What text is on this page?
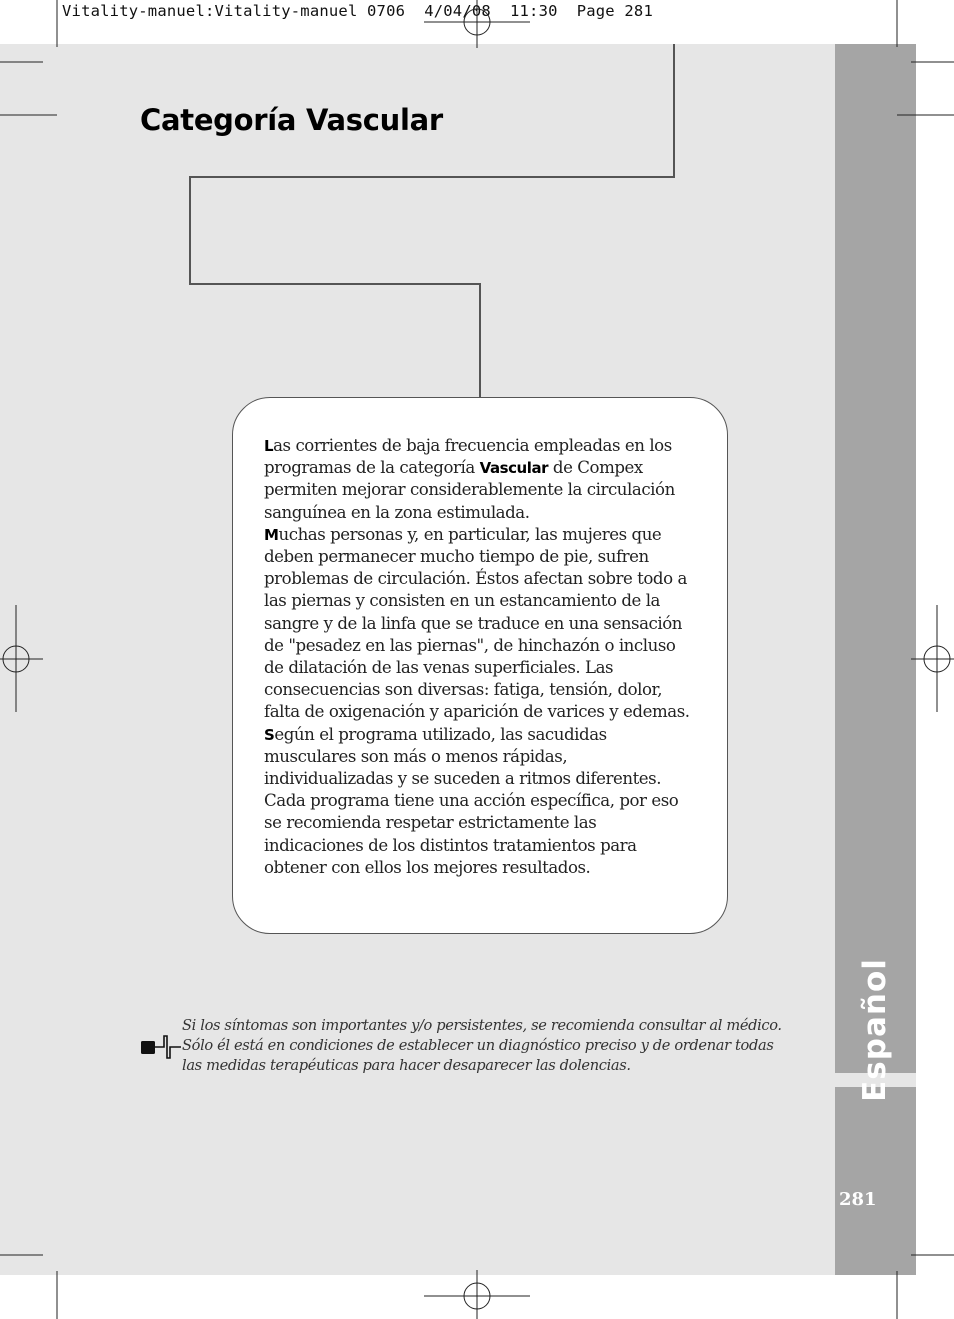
Vitality-manuel:Vitality-manuel 0706  4/04/08  11:30  Page 281
Español
281
Categoría Vascular

Las corrientes de baja frecuencia empleadas en los programas de la categoría Vascular de Compex permiten mejorar considerablemente la circulación sanguínea en la zona estimulada.

Muchas personas y, en particular, las mujeres que deben permanecer mucho tiempo de pie, sufren problemas de circulación. Éstos afectan sobre todo a las piernas y consisten en un estancamiento de la sangre y de la linfa que se traduce en una sensación de "pesadez en las piernas", de hinchazón o incluso de dilatación de las venas superficiales. Las consecuencias son diversas: fatiga, tensión, dolor, falta de oxigenación y aparición de varices y edemas.

Según el programa utilizado, las sacudidas musculares son más o menos rápidas, individualizadas y se suceden a ritmos diferentes. Cada programa tiene una acción específica, por eso se recomienda respetar estrictamente las indicaciones de los distintos tratamientos para obtener con ellos los mejores resultados.

Si los síntomas son importantes y/o persistentes, se recomienda consultar al médico.

Sólo él está en condiciones de establecer un diagnóstico preciso y de ordenar todas

las medidas terapéuticas para hacer desaparecer las dolencias.
